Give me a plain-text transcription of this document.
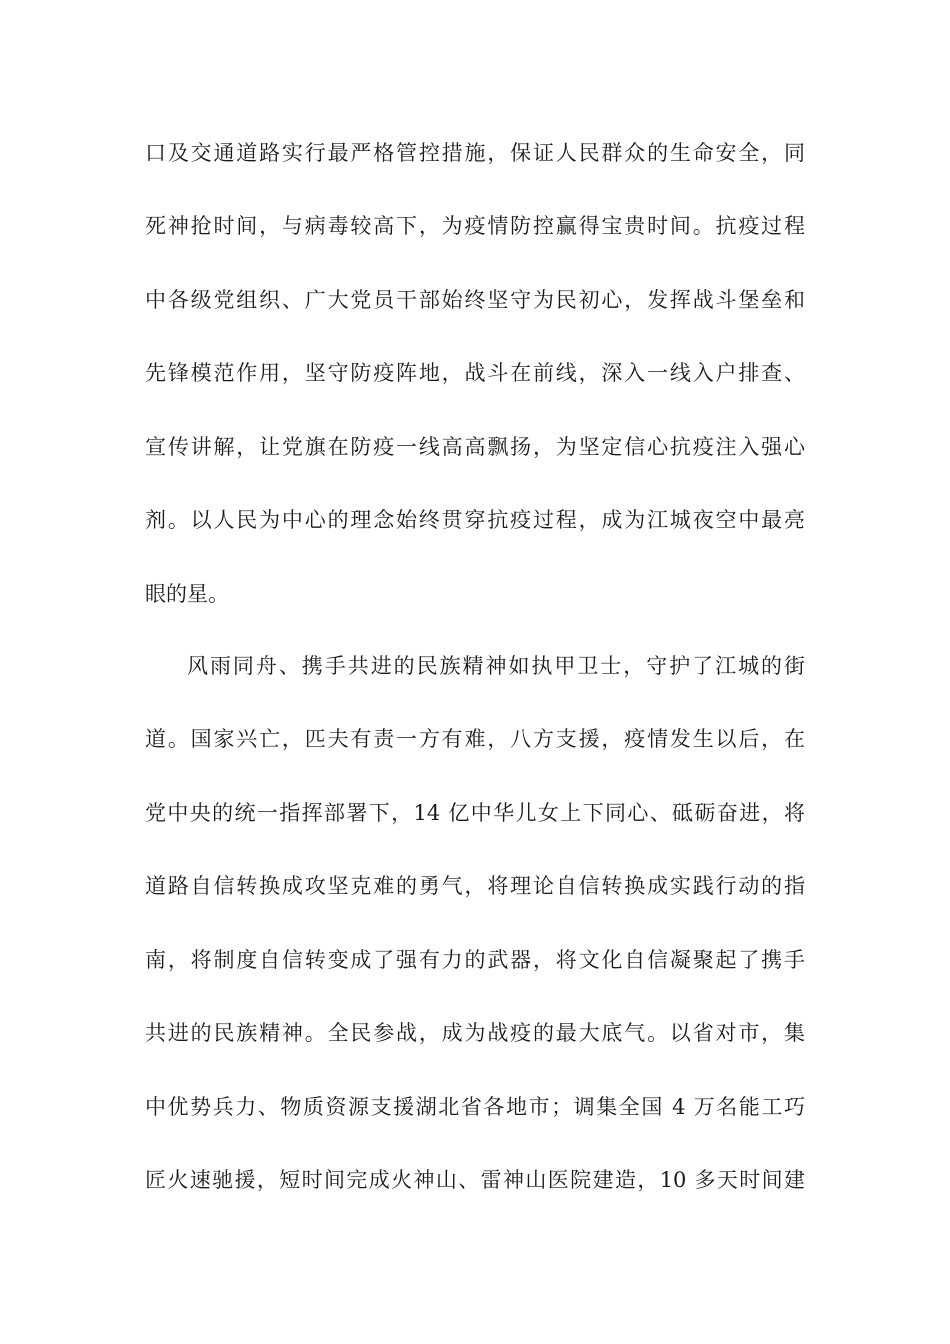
口及交通道路实行最严格管控措施，保证人民群众的生命安全，同
死神抢时间，与病毒较高下，为疫情防控赢得宝贵时间。抗疫过程
中各级党组织、广大党员干部始终坚守为民初心，发挥战斗堡垒和
先锋模范作用，坚守防疫阵地，战斗在前线，深入一线入户排查、
宣传讲解，让党旗在防疫一线高高飘扬，为坚定信心抗疫注入强心
剂。以人民为中心的理念始终贯穿抗疫过程，成为江城夜空中最亮
眼的星。
风雨同舟、携手共进的民族精神如执甲卫士，守护了江城的街
道。国家兴亡，匹夫有责一方有难，八方支援，疫情发生以后，在
党中央的统一指挥部署下，14 亿中华儿女上下同心、砥砺奋进，将
道路自信转换成攻坚克难的勇气，将理论自信转换成实践行动的指
南，将制度自信转变成了强有力的武器，将文化自信凝聚起了携手
共进的民族精神。全民参战，成为战疫的最大底气。以省对市，集
中优势兵力、物质资源支援湖北省各地市；调集全国 4 万名能工巧
匠火速驰援，短时间完成火神山、雷神山医院建造，10 多天时间建
